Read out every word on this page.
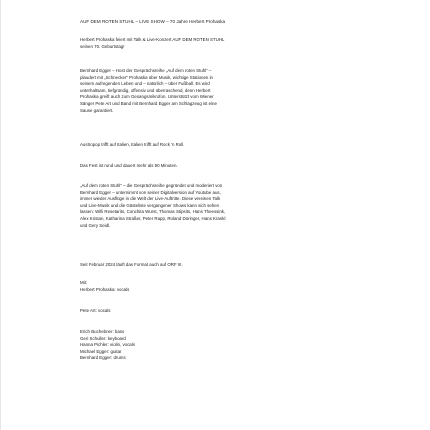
AUF DEM ROTEN STUHL – LIVE SHOW – 70 Jahre Herbert Prohaska
Herbert Prohaska feiert mit Talk & Live-Konzert AUF DEM ROTEN STUHL
seinen 70. Geburtstag!
Bernhard Egger – Host der Gesprächsreihe „Auf dem roten Stuhl“ –
plaudert mit „Schnecker“ Prohaska über Musik, wichtige Stationen in
seinem aufregenden Leben und – natürlich – über Fußball. Es wird
unterhaltsam, tiefgründig, offensiv und überraschend, denn Herbert
Prohaska greift auch zum Gesangsmikrofon. Unterstützt vom Wiener
Sänger Pete Art und Band mit Bernhard Egger am Schlagzeug ist eine
Sause garantiert.
Austropop trifft auf Italien, Italien trifft auf Rock 'n Roll.
Das Fest ist rund und dauert mehr als 90 Minuten.
„Auf dem roten Stuhl“ – die Gesprächsreihe gegründet und moderiert von
Bernhard Egger – unternimmt von seiner Digitalversion auf Youtube aus,
immer wieder Ausflüge in die Welt der Live-Auftritte. Diese vereinen Talk
und Live-Musik und die Gästeliste vergangener Shows kann sich sehen
lassen: Willi Resetarits, Conchita Wurst, Thomas Stipsits, Hans Theessink,
Alex Kristan, Katharina Straßer, Peter Rapp, Roland Düringer, Hans Krankl
und Gery Seidl.
Seit Februar 2024 läuft das Format auch auf ORF III.
Mit:
Herbert Prohaska: vocals
Pete Art: vocals
Erich Buchebner: bass
Geri Schuller: keyboard
Hanna Pichler: violin, vocals
Michael Egger: guitar
Bernhard Egger: drums
